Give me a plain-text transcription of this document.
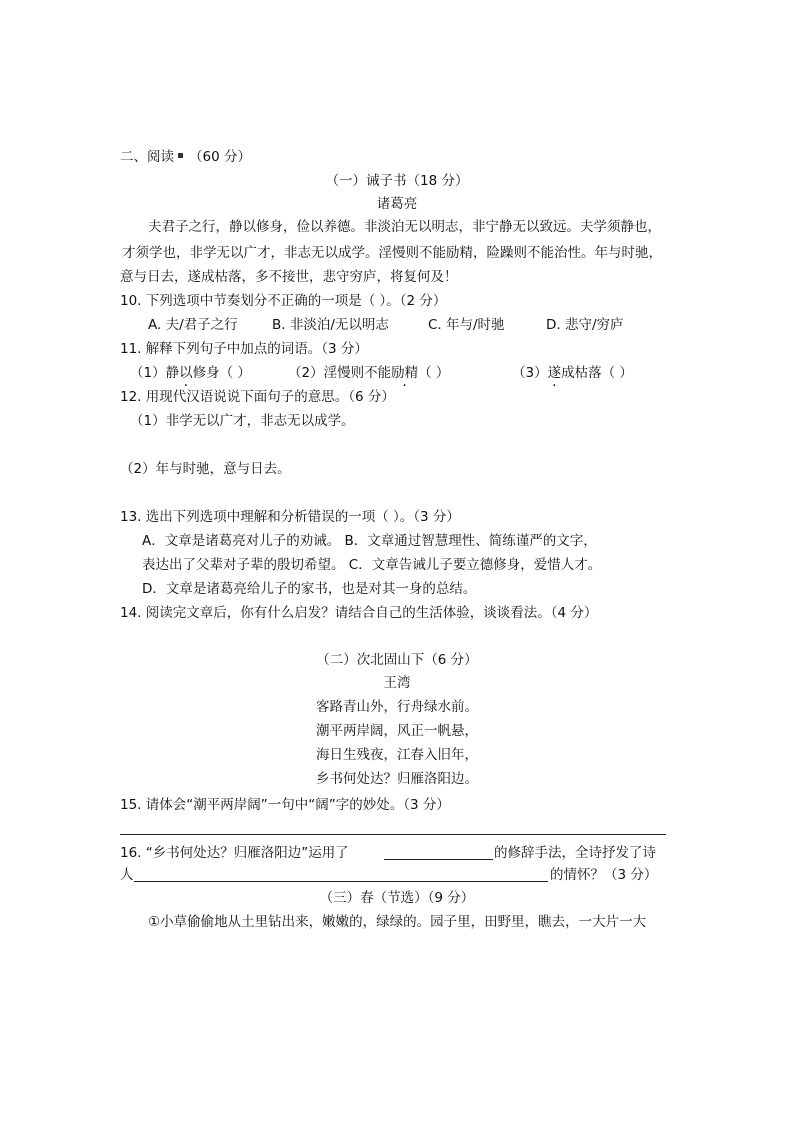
二、阅读 （60 分）
（一）诫子书（18 分）
诸葛亮
夫君子之行，静以修身，俭以养德。非淡泊无以明志，非宁静无以致远。夫学须静也，
才须学也，非学无以广才，非志无以成学。淫慢则不能励精，险躁则不能治性。年与时驰，
意与日去，遂成枯落，多不接世，悲守穷庐，将复何及！
10. 下列选项中节奏划分不正确的一项是（ ）。（2 分）
A. 夫/君子之行	B. 非淡泊/无以明志	C. 年与/时驰	D. 悲守/穷庐
11. 解释下列句子中加点的词语。（3 分）
（1）静以修身（ ）	（2）淫慢则不能励精（ ）	（3）遂成枯落（ ）
12. 用现代汉语说说下面句子的意思。（6 分）
（1）非学无以广才，非志无以成学。
（2）年与时驰，意与日去。
13. 选出下列选项中理解和分析错误的一项（ ）。（3 分）
A．文章是诸葛亮对儿子的劝诫。 B．文章通过智慧理性、简练谨严的文字，
表达出了父辈对子辈的殷切希望。 C．文章告诫儿子要立德修身，爱惜人才。
D．文章是诸葛亮给儿子的家书，也是对其一身的总结。
14. 阅读完文章后，你有什么启发？请结合自己的生活体验，谈谈看法。（4 分）
（二）次北固山下（6 分）
王湾
客路青山外，行舟绿水前。
潮平两岸阔，风正一帆悬，
海日生残夜，江春入旧年，
乡书何处达？归雁洛阳边。
15. 请体会“潮平两岸阔”一句中“阔”字的妙处。（3 分）
16. “乡书何处达？归雁洛阳边”运用了	的修辞手法，全诗抒发了诗
人	的情怀？（3 分）
（三）春（节选）（9 分）
①小草偷偷地从土里钻出来，嫩嫩的，绿绿的。园子里，田野里，瞧去，一大片一大
